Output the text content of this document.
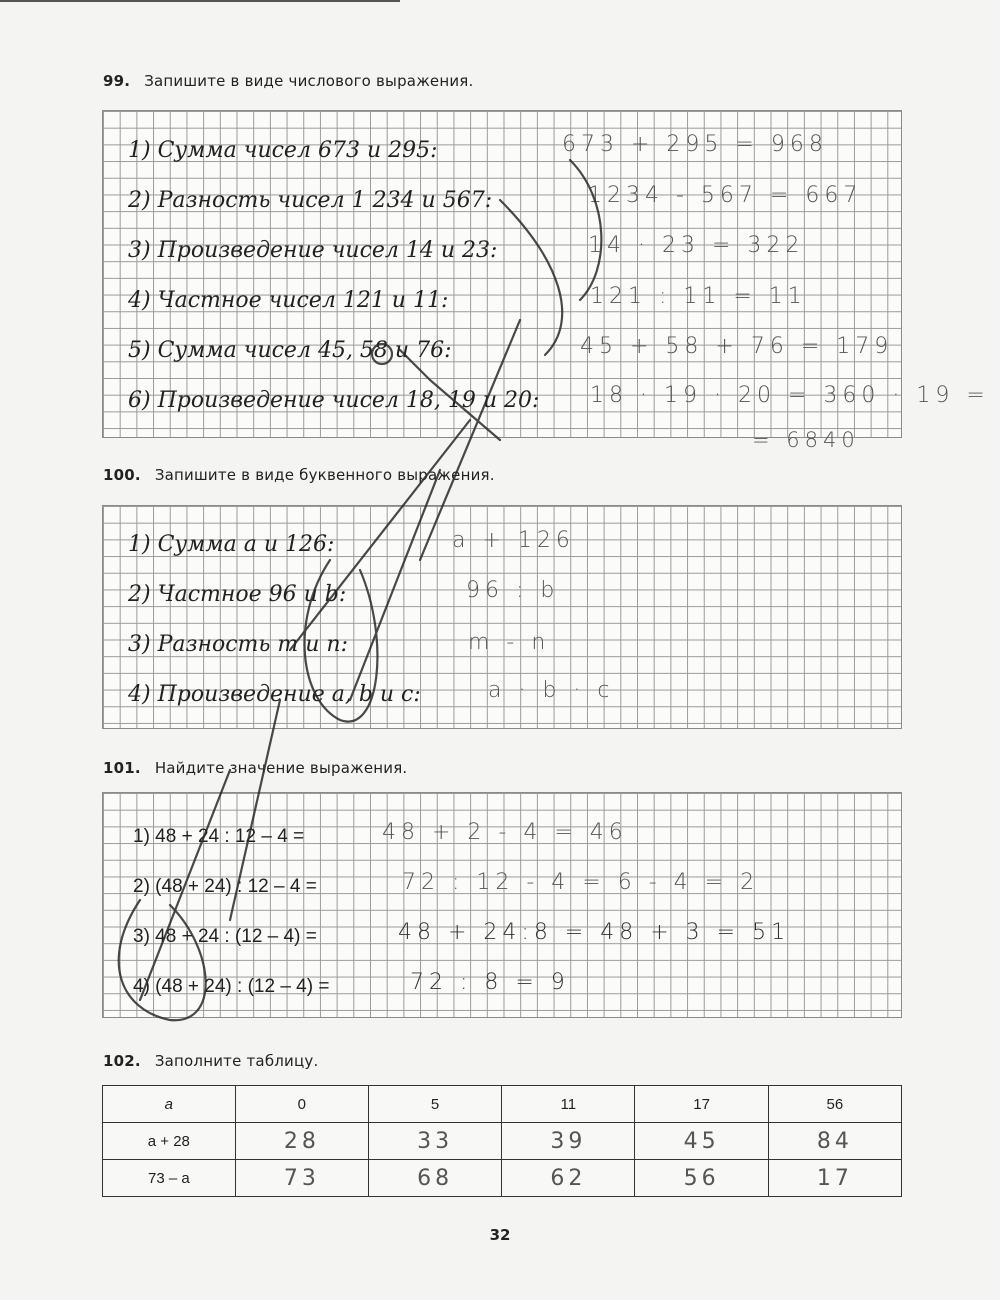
99. Запишите в виде числового выражения.
1) Сумма чисел 673 и 295:
2) Разность чисел 1 234 и 567:
3) Произведение чисел 14 и 23:
4) Частное чисел 121 и 11:
5) Сумма чисел 45, 58 и 76:
6) Произведение чисел 18, 19 и 20:
673 + 295 = 968
1234 - 567 = 667
14 · 23 = 322
121 : 11 = 11
45 + 58 + 76 = 179
18 · 19 · 20 = 360 · 19 =
= 6840
100. Запишите в виде буквенного выражения.
1) Сумма a и 126:
2) Частное 96 и b:
3) Разность m и n:
4) Произведение a, b и c:
a + 126
96 : b
m - n
a · b · c
101. Найдите значение выражения.
1) 48 + 24 : 12 – 4 =
2) (48 + 24) : 12 – 4 =
3) 48 + 24 : (12 – 4) =
4) (48 + 24) : (12 – 4) =
48 + 2 - 4 = 46
72 : 12 - 4 = 6 - 4 = 2
48 + 24:8 = 48 + 3 = 51
72 : 8 = 9
102. Заполните таблицу.
a	0	5	11	17	56
a + 28	28	33	39	45	84
73 – a	73	68	62	56	17
32
